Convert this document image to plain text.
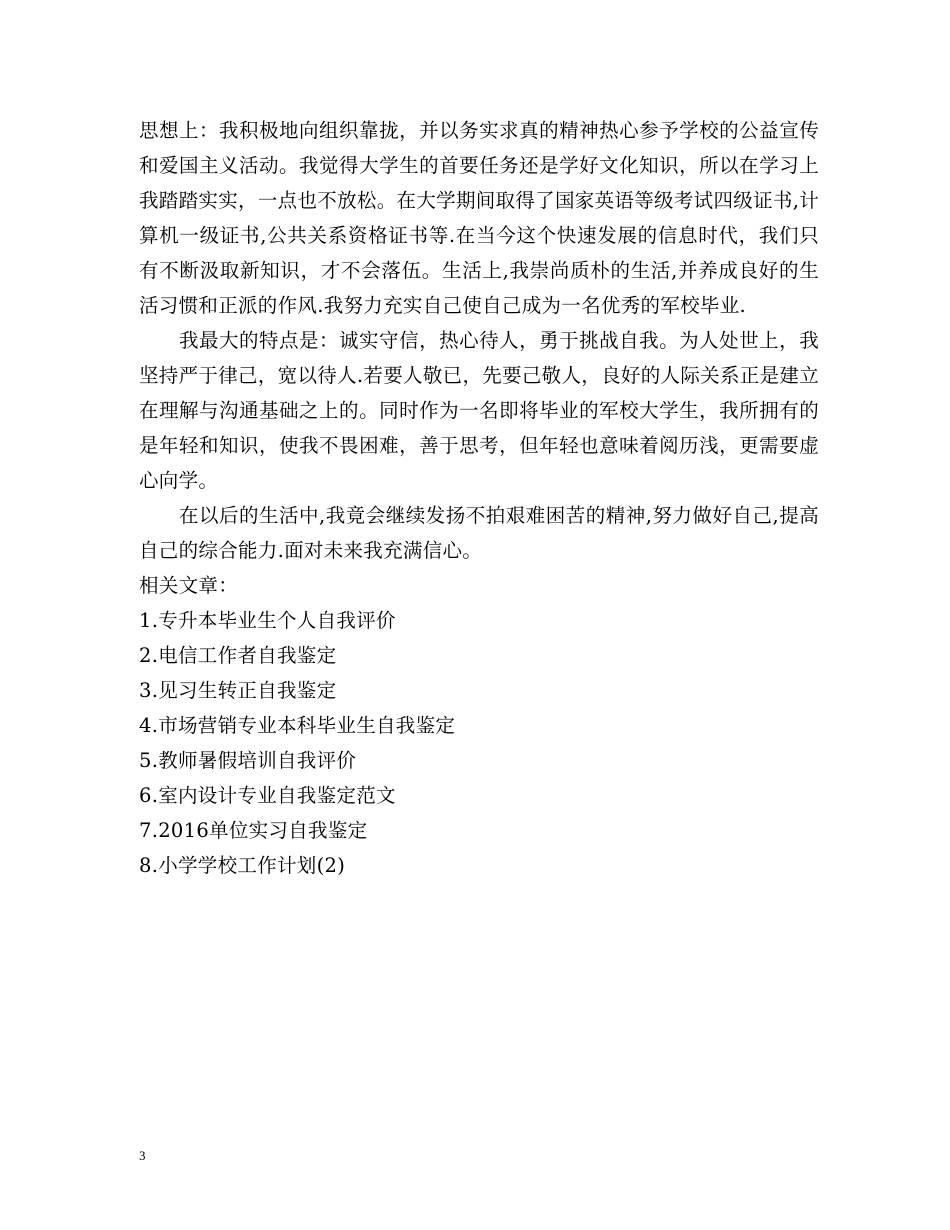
思想上：我积极地向组织靠拢，并以务实求真的精神热心参予学校的公益宣传和爱国主义活动。我觉得大学生的首要任务还是学好文化知识，所以在学习上我踏踏实实，一点也不放松。在大学期间取得了国家英语等级考试四级证书,计算机一级证书,公共关系资格证书等.在当今这个快速发展的信息时代，我们只有不断汲取新知识，才不会落伍。生活上,我崇尚质朴的生活,并养成良好的生活习惯和正派的作风.我努力充实自己使自己成为一名优秀的军校毕业.

我最大的特点是：诚实守信，热心待人，勇于挑战自我。为人处世上，我坚持严于律己，宽以待人.若要人敬已，先要己敬人，良好的人际关系正是建立在理解与沟通基础之上的。同时作为一名即将毕业的军校大学生，我所拥有的是年轻和知识，使我不畏困难，善于思考，但年轻也意味着阅历浅，更需要虚心向学。

在以后的生活中,我竟会继续发扬不拍艰难困苦的精神,努力做好自己,提高自己的综合能力.面对未来我充满信心。

相关文章：

1.专升本毕业生个人自我评价
2.电信工作者自我鉴定
3.见习生转正自我鉴定
4.市场营销专业本科毕业生自我鉴定
5.教师暑假培训自我评价
6.室内设计专业自我鉴定范文
7.2016单位实习自我鉴定
8.小学学校工作计划(2)
3
